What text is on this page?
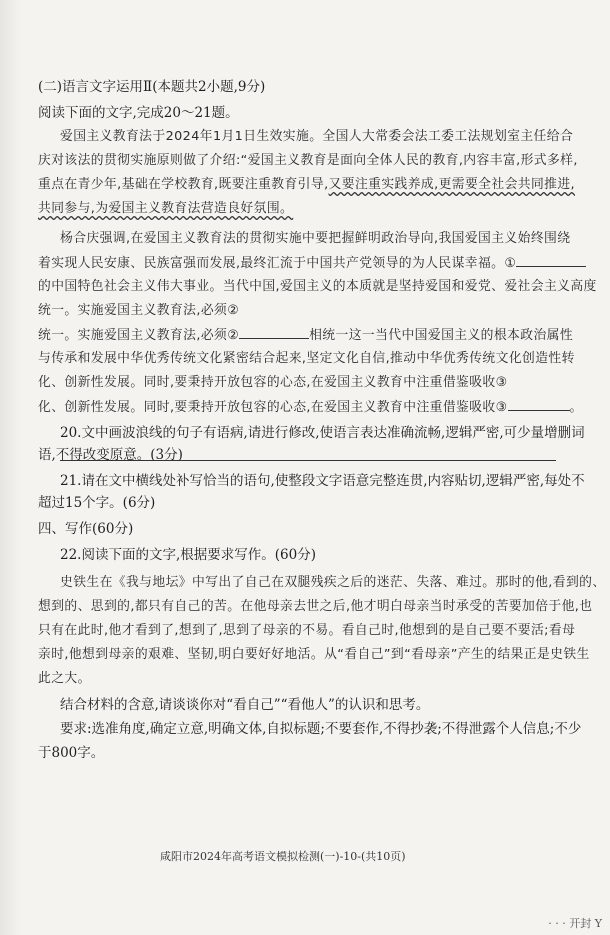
(二)语言文字运用Ⅱ(本题共2小题,9分)
阅读下面的文字,完成20～21题。
爱国主义教育法于2024年1月1日生效实施。全国人大常委会法工委工法规划室主任给合
庆对该法的贯彻实施原则做了介绍:“爱国主义教育是面向全体人民的教育,内容丰富,形式多样,
重点在青少年,基础在学校教育,既要注重教育引导,又要注重实践养成,更需要全社会共同推进,
共同参与,为爱国主义教育法营造良好氛围。
杨合庆强调,在爱国主义教育法的贯彻实施中要把握鲜明政治导向,我国爱国主义始终围绕
着实现人民安康、民族富强而发展,最终汇流于中国共产党领导的为人民谋幸福。①
的中国特色社会主义伟大事业。当代中国,爱国主义的本质就是坚持爱国和爱党、爱社会主义高度
统一。实施爱国主义教育法,必须②
统一。实施爱国主义教育法,必须②	相统一这一当代中国爱国主义的根本政治属性
与传承和发展中华优秀传统文化紧密结合起来,坚定文化自信,推动中华优秀传统文化创造性转
化、创新性发展。同时,要秉持开放包容的心态,在爱国主义教育中注重借鉴吸收③
化、创新性发展。同时,要秉持开放包容的心态,在爱国主义教育中注重借鉴吸收③	。
20.文中画波浪线的句子有语病,请进行修改,使语言表达准确流畅,逻辑严密,可少量增删词
语,不得改变原意。(3分)
21.请在文中横线处补写恰当的语句,使整段文字语意完整连贯,内容贴切,逻辑严密,每处不
超过15个字。(6分)
四、写作(60分)
22.阅读下面的文字,根据要求写作。(60分)
史铁生在《我与地坛》中写出了自己在双腿残疾之后的迷茫、失落、难过。那时的他,看到的、
想到的、思到的,都只有自己的苦。在他母亲去世之后,他才明白母亲当时承受的苦要加倍于他,也
只有在此时,他才看到了,想到了,思到了母亲的不易。看自己时,他想到的是自己要不要活;看母
亲时,他想到母亲的艰难、坚韧,明白要好好地活。从“看自己”到“看母亲”产生的结果正是史铁生
此之大。
结合材料的含意,请谈谈你对“看自己”“看他人”的认识和思考。
要求:选准角度,确定立意,明确文体,自拟标题;不要套作,不得抄袭;不得泄露个人信息;不少
于800字。
咸阳市2024年高考语文模拟检测(一)-10-(共10页)
· · · 开封 Y
